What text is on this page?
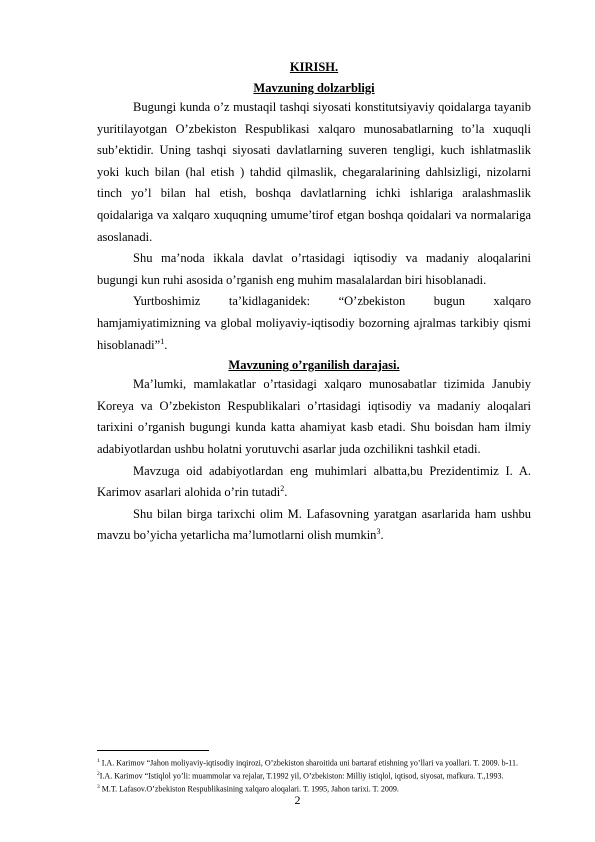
KIRISH.

Mavzuning dolzarbligi

Bugungi kunda o’z mustaqil tashqi siyosati konstitutsiyaviy qoidalarga tayanib yuritilayotgan O’zbekiston Respublikasi xalqaro munosabatlarning to’la xuquqli sub’ektidir. Uning tashqi siyosati davlatlarning suveren tengligi, kuch ishlatmaslik yoki kuch bilan (hal etish ) tahdid qilmaslik, chegaralarining dahlsizligi, nizolarni tinch yo’l bilan hal etish, boshqa davlatlarning ichki ishlariga aralashmaslik qoidalariga va xalqaro xuquqning umume’tirof etgan boshqa qoidalari va normalariga asoslanadi.

Shu ma’noda ikkala davlat o’rtasidagi iqtisodiy va madaniy aloqalarini bugungi kun ruhi asosida o’rganish eng muhim masalalardan biri hisoblanadi.

Yurtboshimiz ta’kidlaganidek: “O’zbekiston bugun xalqaro hamjamiyatimizning va global moliyaviy-iqtisodiy bozorning ajralmas tarkibiy qismi hisoblanadi”$^1$.

Mavzuning o’rganilish darajasi.

Ma’lumki, mamlakatlar o’rtasidagi xalqaro munosabatlar tizimida Janubiy Koreya va O’zbekiston Respublikalari o’rtasidagi iqtisodiy va madaniy aloqalari tarixini o’rganish bugungi kunda katta ahamiyat kasb etadi. Shu boisdan ham ilmiy adabiyotlardan ushbu holatni yorutuvchi asarlar juda ozchilikni tashkil etadi.

Mavzuga oid adabiyotlardan eng muhimlari albatta,bu Prezidentimiz I. A. Karimov asarlari alohida o’rin tutadi$^2$.

Shu bilan birga tarixchi olim M. Lafasovning yaratgan asarlarida ham ushbu mavzu bo’yicha yetarlicha ma’lumotlarni olish mumkin$^3$.

$^1$ I.A. Karimov “Jahon moliyaviy-iqtisodiy inqirozi, O’zbekiston sharoitida uni bartaraf etishning yo’llari va yoallari. T. 2009. b-11.

$^2$I.A. Karimov “Istiqlol yo’li: muammolar va rejalar, T.1992 yil, O’zbekiston: Milliy istiqlol, iqtisod, siyosat, mafkura. T.,1993.

$^3$ M.T. Lafasov.O’zbekiston Respublikasining xalqaro aloqalari. T. 1995, Jahon tarixi. T. 2009.

2
